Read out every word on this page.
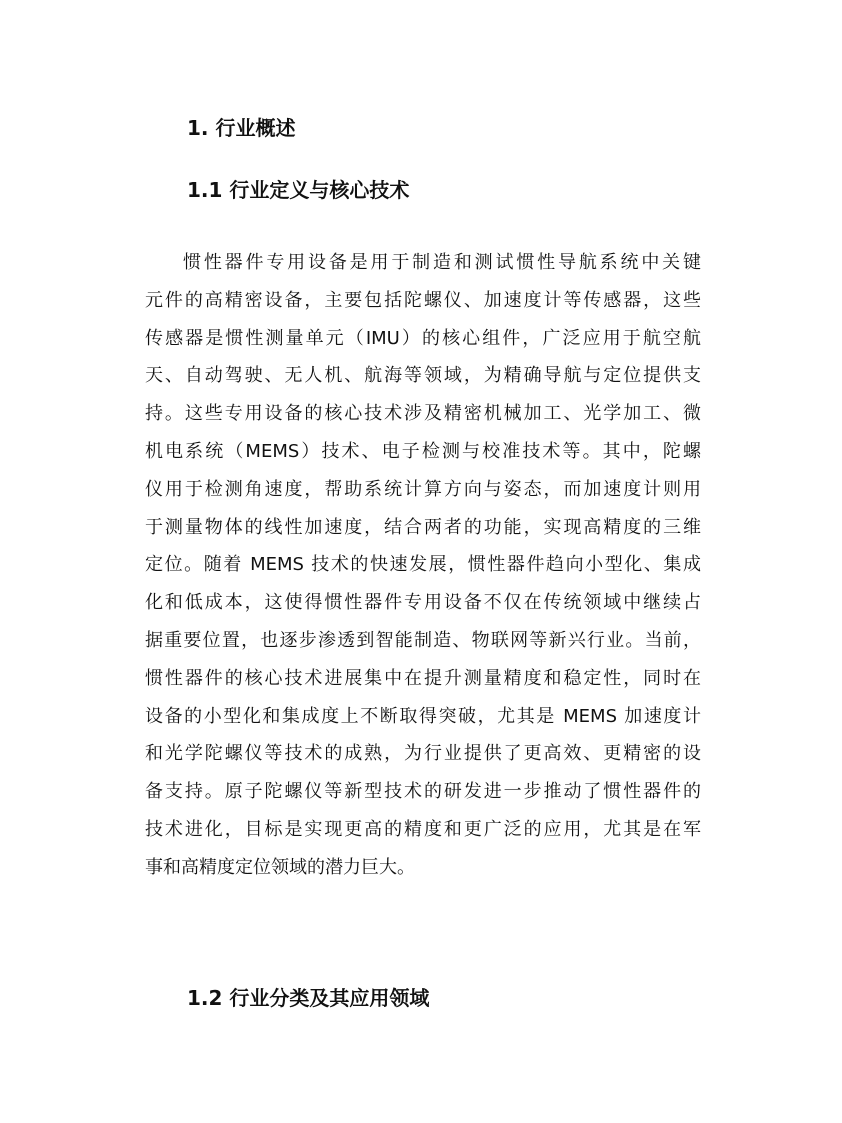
1. 行业概述
1.1 行业定义与核心技术
惯性器件专用设备是用于制造和测试惯性导航系统中关键
元件的高精密设备，主要包括陀螺仪、加速度计等传感器，这些
传感器是惯性测量单元（IMU）的核心组件，广泛应用于航空航
天、自动驾驶、无人机、航海等领域，为精确导航与定位提供支
持。这些专用设备的核心技术涉及精密机械加工、光学加工、微
机电系统（MEMS）技术、电子检测与校准技术等。其中，陀螺
仪用于检测角速度，帮助系统计算方向与姿态，而加速度计则用
于测量物体的线性加速度，结合两者的功能，实现高精度的三维
定位。随着 MEMS 技术的快速发展，惯性器件趋向小型化、集成
化和低成本，这使得惯性器件专用设备不仅在传统领域中继续占
据重要位置，也逐步渗透到智能制造、物联网等新兴行业。当前，
惯性器件的核心技术进展集中在提升测量精度和稳定性，同时在
设备的小型化和集成度上不断取得突破，尤其是 MEMS 加速度计
和光学陀螺仪等技术的成熟，为行业提供了更高效、更精密的设
备支持。原子陀螺仪等新型技术的研发进一步推动了惯性器件的
技术进化，目标是实现更高的精度和更广泛的应用，尤其是在军
事和高精度定位领域的潜力巨大。
1.2 行业分类及其应用领域
